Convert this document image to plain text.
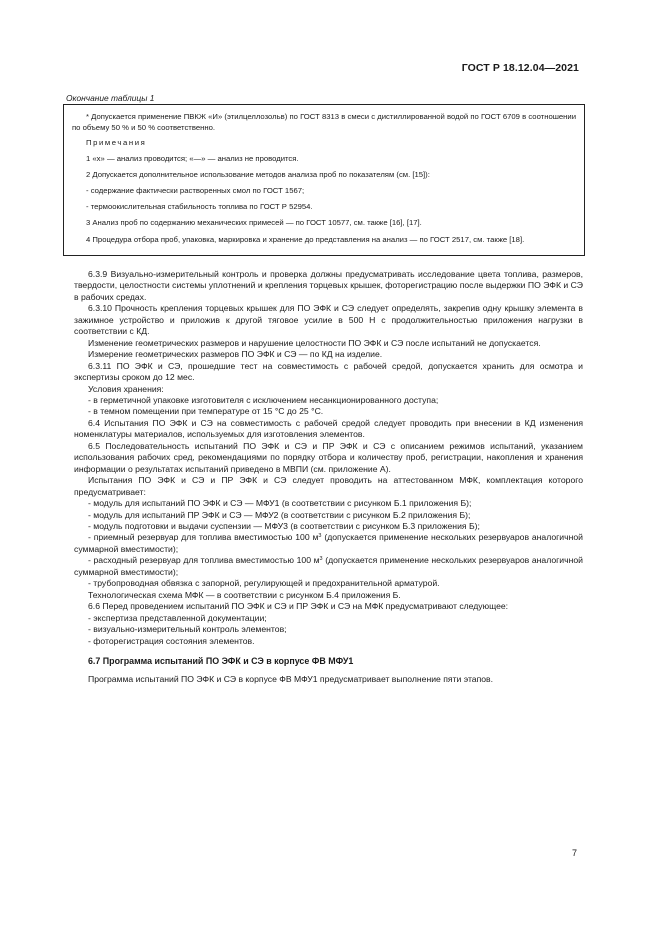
ГОСТ Р 18.12.04—2021
Окончание таблицы 1

* Допускается применение ПВКЖ «И» (этилцеллозольв) по ГОСТ 8313 в смеси с дистиллированной водой по ГОСТ 6709 в соотношении по объему 50 % и 50 % соответственно.

Примечания

1 «х» — анализ проводится; «—» — анализ не проводится.

2 Допускается дополнительное использование методов анализа проб по показателям (см. [15]):

- содержание фактически растворенных смол по ГОСТ 1567;

- термоокислительная стабильность топлива по ГОСТ Р 52954.

3 Анализ проб по содержанию механических примесей — по ГОСТ 10577, см. также [16], [17].

4 Процедура отбора проб, упаковка, маркировка и хранение до представления на анализ — по ГОСТ 2517, см. также [18].

6.3.9 Визуально-измерительный контроль и проверка должны предусматривать исследование цвета топлива, размеров, твердости, целостности системы уплотнений и крепления торцевых крышек, фоторегистрацию после выдержки ПО ЭФК и СЭ в рабочих средах.

6.3.10 Прочность крепления торцевых крышек для ПО ЭФК и СЭ следует определять, закрепив одну крышку элемента в зажимное устройство и приложив к другой тяговое усилие в 500 Н с продолжительностью приложения нагрузки в соответствии с КД.

Изменение геометрических размеров и нарушение целостности ПО ЭФК и СЭ после испытаний не допускается.

Измерение геометрических размеров ПО ЭФК и СЭ — по КД на изделие.

6.3.11 ПО ЭФК и СЭ, прошедшие тест на совместимость с рабочей средой, допускается хранить для осмотра и экспертизы сроком до 12 мес.

Условия хранения:

- в герметичной упаковке изготовителя с исключением несанкционированного доступа;

- в темном помещении при температуре от 15 °С до 25 °С.

6.4 Испытания ПО ЭФК и СЭ на совместимость с рабочей средой следует проводить при внесении в КД изменения номенклатуры материалов, используемых для изготовления элементов.

6.5 Последовательность испытаний ПО ЭФК и СЭ и ПР ЭФК и СЭ с описанием режимов испытаний, указанием использования рабочих сред, рекомендациями по порядку отбора и количеству проб, регистрации, накопления и хранения информации о результатах испытаний приведено в МВПИ (см. приложение А).

Испытания ПО ЭФК и СЭ и ПР ЭФК и СЭ следует проводить на аттестованном МФК, комплектация которого предусматривает:

- модуль для испытаний ПО ЭФК и СЭ — МФУ1 (в соответствии с рисунком Б.1 приложения Б);

- модуль для испытаний ПР ЭФК и СЭ — МФУ2 (в соответствии с рисунком Б.2 приложения Б);

- модуль подготовки и выдачи суспензии — МФУ3 (в соответствии с рисунком Б.3 приложения Б);

- приемный резервуар для топлива вместимостью 100 $м^3$ (допускается применение нескольких резервуаров аналогичной суммарной вместимости);

- расходный резервуар для топлива вместимостью 100 $м^3$ (допускается применение нескольких резервуаров аналогичной суммарной вместимости);

- трубопроводная обвязка с запорной, регулирующей и предохранительной арматурой.

Технологическая схема МФК — в соответствии с рисунком Б.4 приложения Б.

6.6 Перед проведением испытаний ПО ЭФК и СЭ и ПР ЭФК и СЭ на МФК предусматривают следующее:

- экспертиза представленной документации;

- визуально-измерительный контроль элементов;

- фоторегистрация состояния элементов.

6.7 Программа испытаний ПО ЭФК и СЭ в корпусе ФВ МФУ1

Программа испытаний ПО ЭФК и СЭ в корпусе ФВ МФУ1 предусматривает выполнение пяти этапов.

7
